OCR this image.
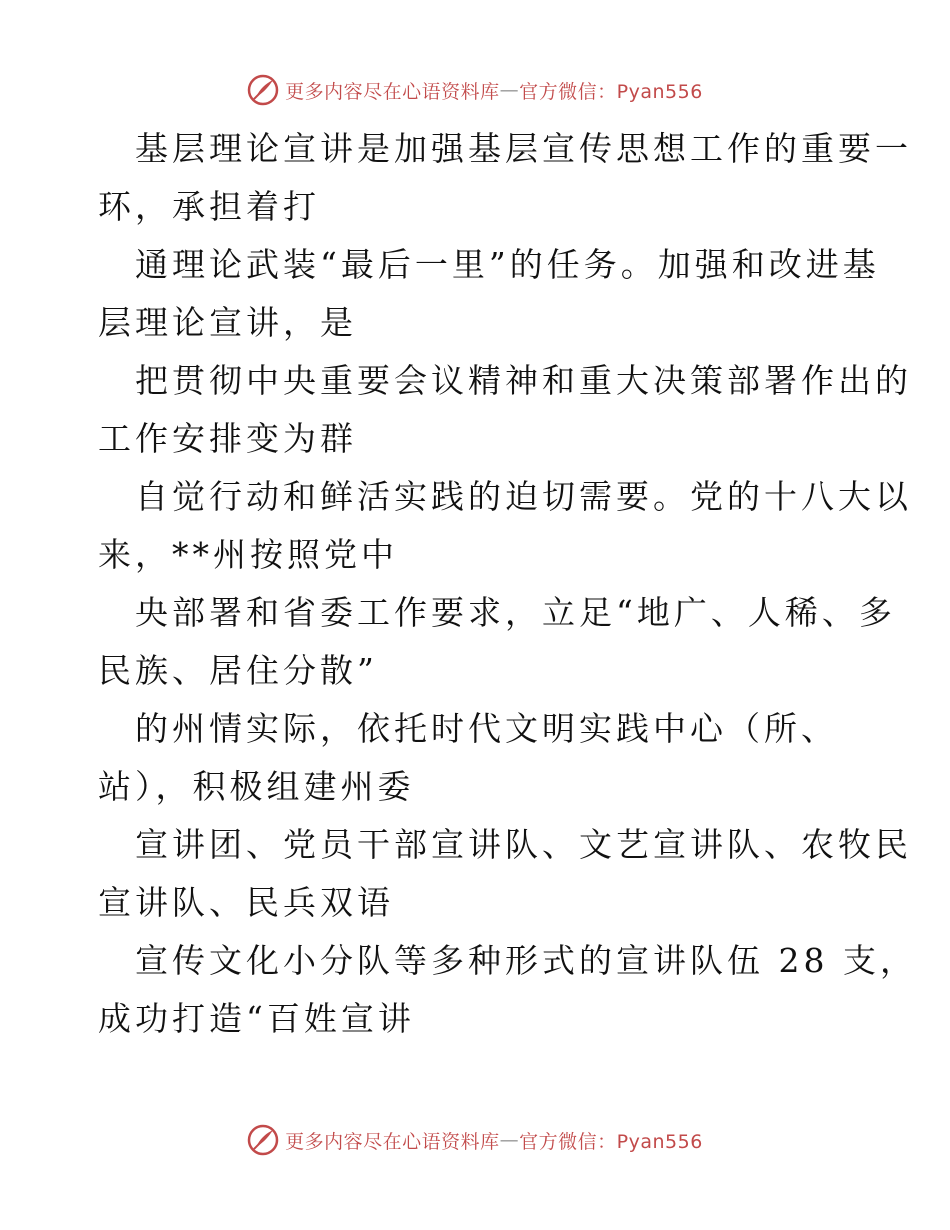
更多内容尽在心语资料库 — 官方微信：Pyan556
基层理论宣讲是加强基层宣传思想工作的重要一
环，承担着打
通理论武装“最后一里”的任务。加强和改进基
层理论宣讲，是
把贯彻中央重要会议精神和重大决策部署作出的
工作安排变为群
自觉行动和鲜活实践的迫切需要。党的十八大以
来，**州按照党中
央部署和省委工作要求，立足“地广、人稀、多
民族、居住分散”
的州情实际，依托时代文明实践中心（所、
站），积极组建州委
宣讲团、党员干部宣讲队、文艺宣讲队、农牧民
宣讲队、民兵双语
宣传文化小分队等多种形式的宣讲队伍 28 支，
成功打造“百姓宣讲
更多内容尽在心语资料库 — 官方微信：Pyan556
